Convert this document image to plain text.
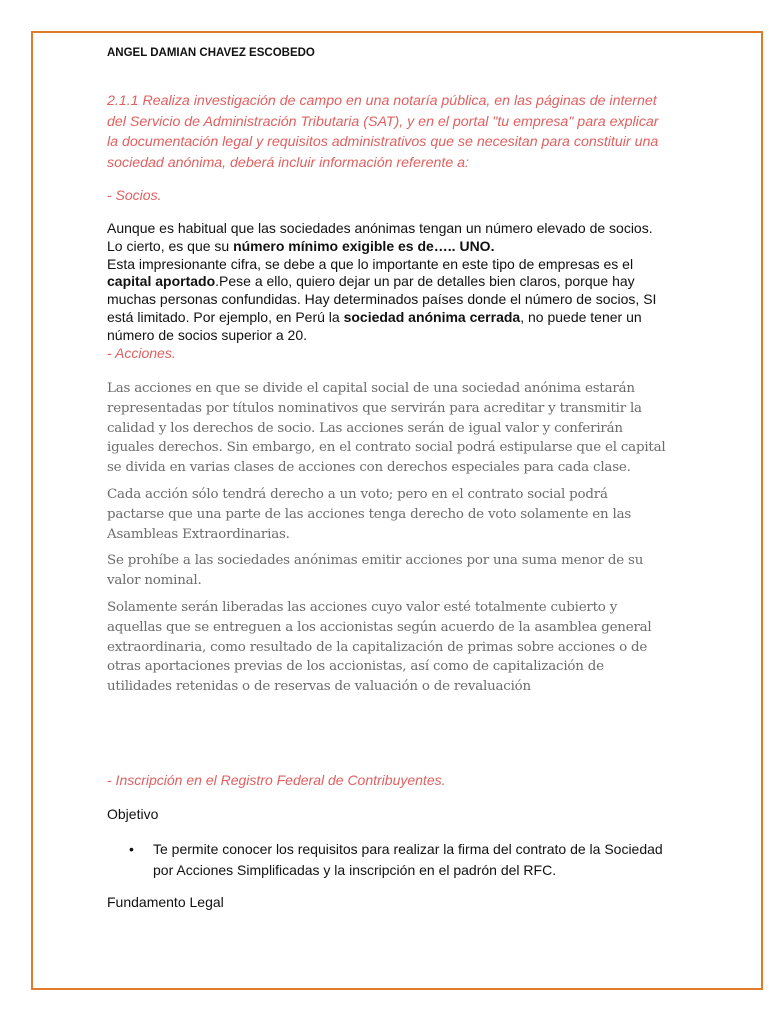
ANGEL DAMIAN CHAVEZ ESCOBEDO
2.1.1 Realiza investigación de campo en una notaría pública, en las páginas de internet del Servicio de Administración Tributaria (SAT), y en el portal "tu empresa" para explicar la documentación legal y requisitos administrativos que se necesitan para constituir una sociedad anónima, deberá incluir información referente a:
- Socios.
Aunque es habitual que las sociedades anónimas tengan un número elevado de socios. Lo cierto, es que su número mínimo exigible es de….. UNO.
Esta impresionante cifra, se debe a que lo importante en este tipo de empresas es el capital aportado.Pese a ello, quiero dejar un par de detalles bien claros, porque hay muchas personas confundidas. Hay determinados países donde el número de socios, SI está limitado. Por ejemplo, en Perú la sociedad anónima cerrada, no puede tener un número de socios superior a 20.
- Acciones.

Las acciones en que se divide el capital social de una sociedad anónima estarán representadas por títulos nominativos que servirán para acreditar y transmitir la calidad y los derechos de socio. Las acciones serán de igual valor y conferirán iguales derechos. Sin embargo, en el contrato social podrá estipularse que el capital se divida en varias clases de acciones con derechos especiales para cada clase.

Cada acción sólo tendrá derecho a un voto; pero en el contrato social podrá pactarse que una parte de las acciones tenga derecho de voto solamente en las Asambleas Extraordinarias.

Se prohíbe a las sociedades anónimas emitir acciones por una suma menor de su valor nominal.

Solamente serán liberadas las acciones cuyo valor esté totalmente cubierto y aquellas que se entreguen a los accionistas según acuerdo de la asamblea general extraordinaria, como resultado de la capitalización de primas sobre acciones o de otras aportaciones previas de los accionistas, así como de capitalización de utilidades retenidas o de reservas de valuación o de revaluación

- Inscripción en el Registro Federal de Contribuyentes.
Objetivo
• Te permite conocer los requisitos para realizar la firma del contrato de la Sociedad por Acciones Simplificadas y la inscripción en el padrón del RFC.
Fundamento Legal
